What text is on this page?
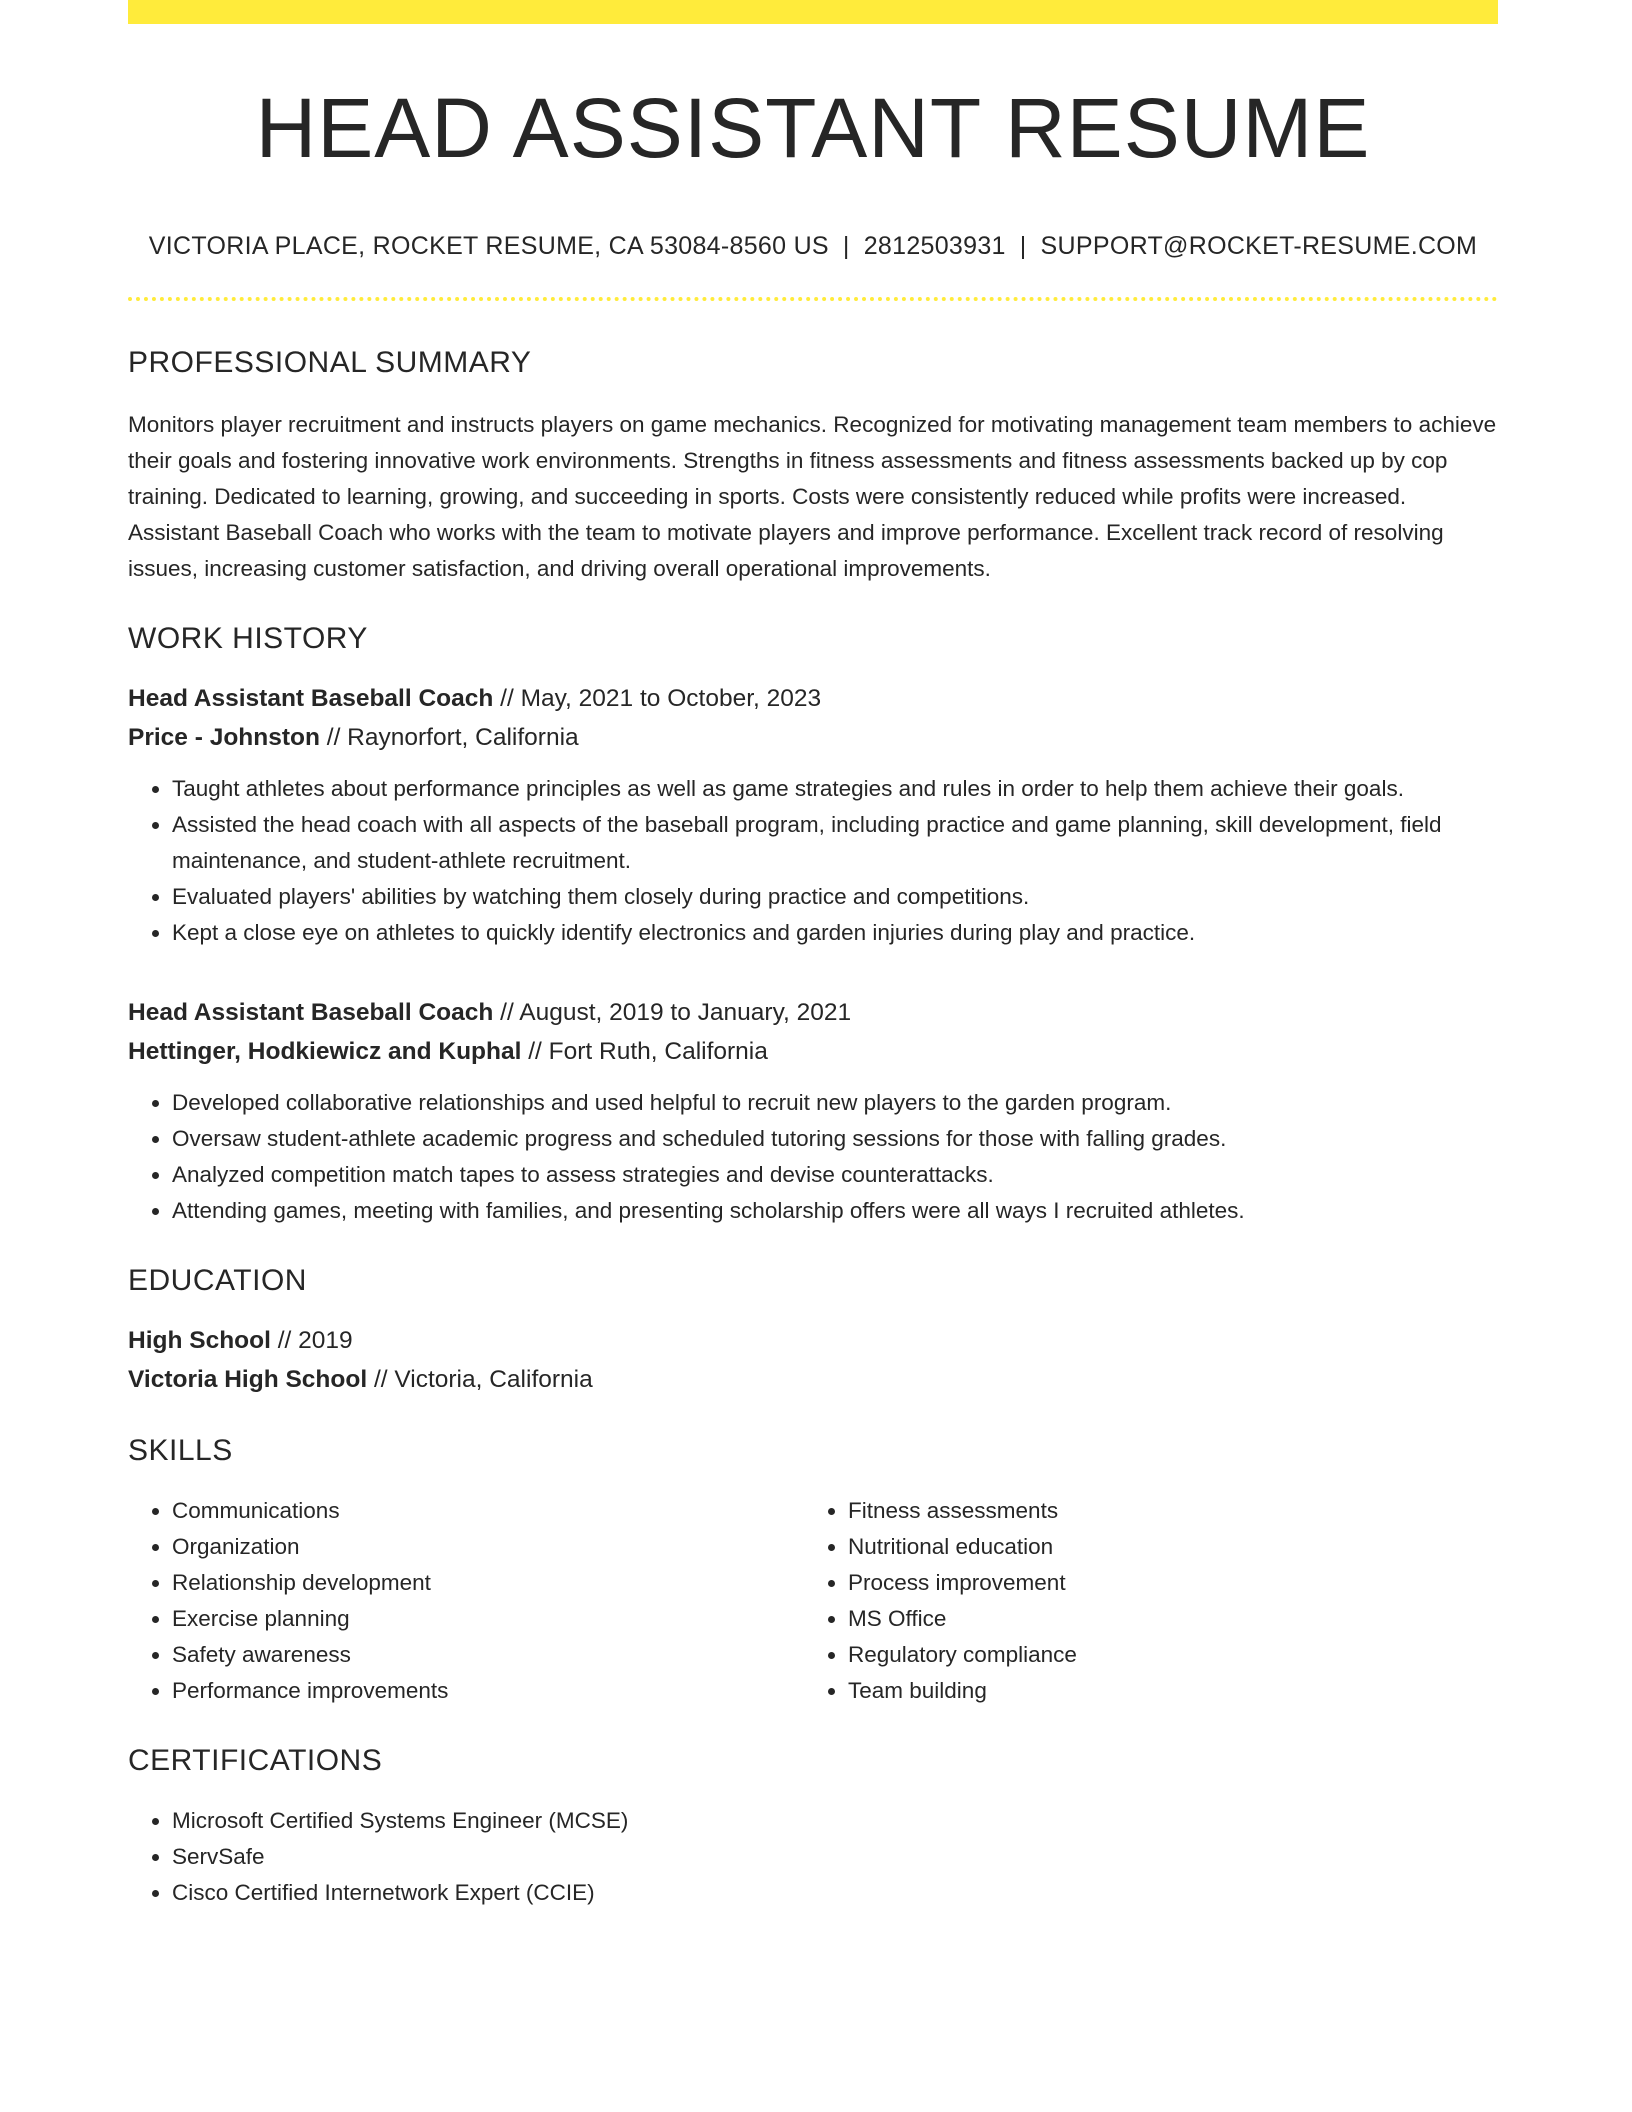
HEAD ASSISTANT RESUME
VICTORIA PLACE, ROCKET RESUME, CA 53084-8560 US | 2812503931 | SUPPORT@ROCKET-RESUME.COM
PROFESSIONAL SUMMARY

Monitors player recruitment and instructs players on game mechanics. Recognized for motivating management team members to achieve their goals and fostering innovative work environments. Strengths in fitness assessments and fitness assessments backed up by cop training. Dedicated to learning, growing, and succeeding in sports. Costs were consistently reduced while profits were increased. Assistant Baseball Coach who works with the team to motivate players and improve performance. Excellent track record of resolving issues, increasing customer satisfaction, and driving overall operational improvements.

WORK HISTORY
Head Assistant Baseball Coach // May, 2021 to October, 2023
Price - Johnston // Raynorfort, California
• Taught athletes about performance principles as well as game strategies and rules in order to help them achieve their goals.
• Assisted the head coach with all aspects of the baseball program, including practice and game planning, skill development, field maintenance, and student-athlete recruitment.
• Evaluated players' abilities by watching them closely during practice and competitions.
• Kept a close eye on athletes to quickly identify electronics and garden injuries during play and practice.
Head Assistant Baseball Coach // August, 2019 to January, 2021
Hettinger, Hodkiewicz and Kuphal // Fort Ruth, California
• Developed collaborative relationships and used helpful to recruit new players to the garden program.
• Oversaw student-athlete academic progress and scheduled tutoring sessions for those with falling grades.
• Analyzed competition match tapes to assess strategies and devise counterattacks.
• Attending games, meeting with families, and presenting scholarship offers were all ways I recruited athletes.
EDUCATION
High School // 2019
Victoria High School // Victoria, California
SKILLS
• Communications
• Organization
• Relationship development
• Exercise planning
• Safety awareness
• Performance improvements
• Fitness assessments
• Nutritional education
• Process improvement
• MS Office
• Regulatory compliance
• Team building
CERTIFICATIONS
• Microsoft Certified Systems Engineer (MCSE)
• ServSafe
• Cisco Certified Internetwork Expert (CCIE)
